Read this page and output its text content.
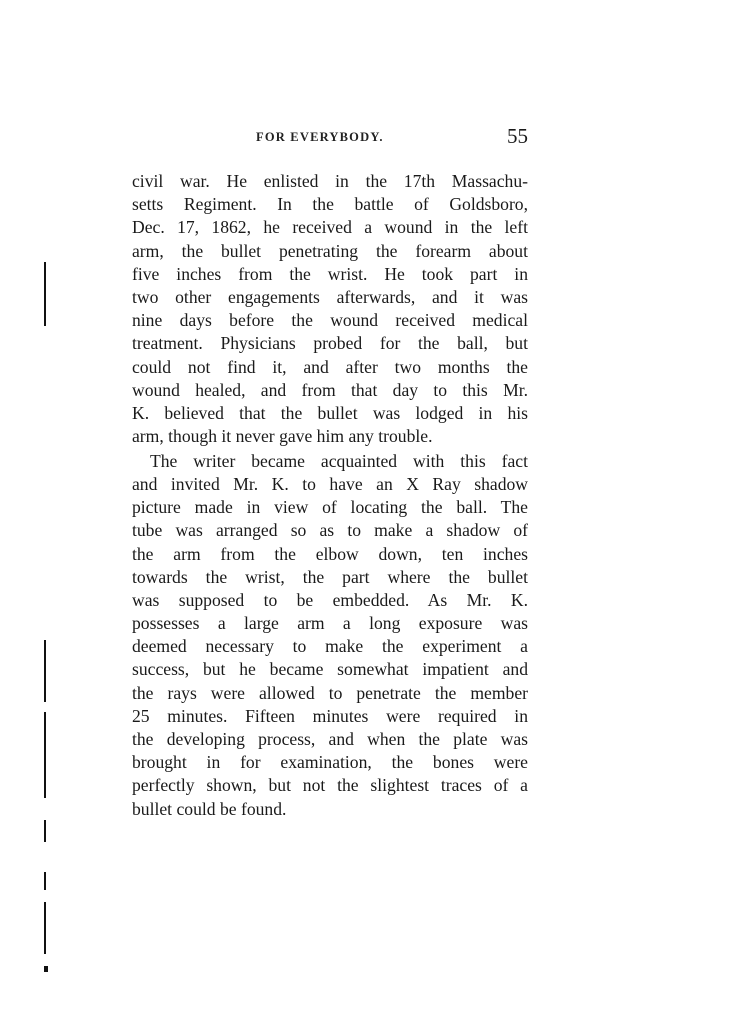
FOR EVERYBODY.	55
civil war. He enlisted in the 17th Massachu-
setts Regiment. In the battle of Goldsboro,
Dec. 17, 1862, he received a wound in the left
arm, the bullet penetrating the forearm about
five inches from the wrist. He took part in
two other engagements afterwards, and it was
nine days before the wound received medical
treatment. Physicians probed for the ball, but
could not find it, and after two months the
wound healed, and from that day to this Mr.
K. believed that the bullet was lodged in his
arm, though it never gave him any trouble.
The writer became acquainted with this fact
and invited Mr. K. to have an X Ray shadow
picture made in view of locating the ball. The
tube was arranged so as to make a shadow of
the arm from the elbow down, ten inches
towards the wrist, the part where the bullet
was supposed to be embedded. As Mr. K.
possesses a large arm a long exposure was
deemed necessary to make the experiment a
success, but he became somewhat impatient and
the rays were allowed to penetrate the member
25 minutes. Fifteen minutes were required in
the developing process, and when the plate was
brought in for examination, the bones were
perfectly shown, but not the slightest traces of a
bullet could be found.
